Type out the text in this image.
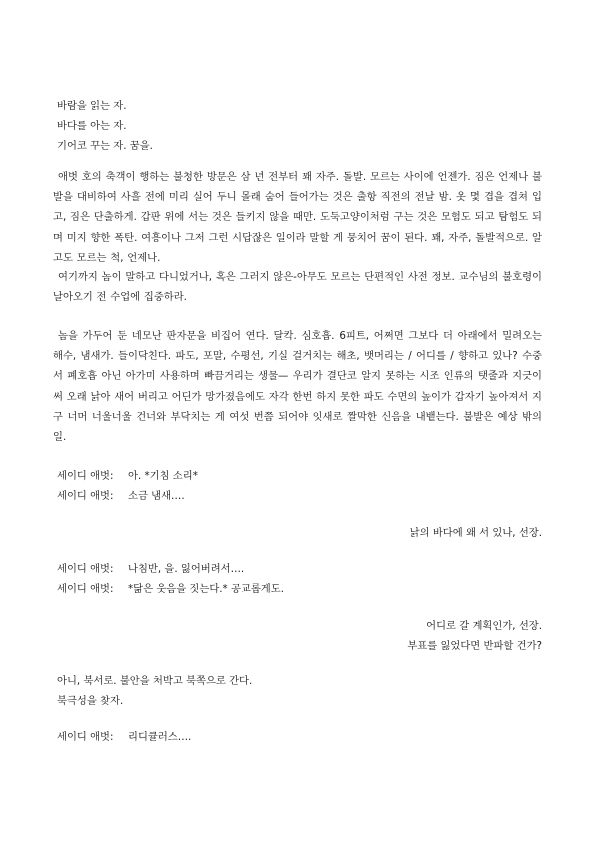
바람을 읽는 자.
바다를 아는 자.
기어코 꾸는 자. 꿈을.
애벗 호의 축객이 행하는 불청한 방문은 삼 년 전부터 꽤 자주. 돌발. 모르는 사이에 언젠가. 짐은 언제나 불발을 대비하여 사흘 전에 미리 실어 두니 몰래 숨어 들어가는 것은 출항 직전의 전날 밤. 옷 몇 겹을 겹쳐 입고, 짐은 단출하게. 갑판 위에 서는 것은 들키지 않을 때만. 도둑고양이처럼 구는 것은 모험도 되고 탐험도 되며 미지 향한 폭탄. 여흥이나 그저 그런 시답잖은 일이라 말할 게 뭉치어 꿈이 된다. 꽤, 자주, 돌발적으로. 알고도 모르는 척, 언제나.
여기까지 놈이 말하고 다니었거나, 혹은 그러지 않은-아무도 모르는 단편적인 사전 정보. 교수님의 불호령이 날아오기 전 수업에 집중하라.
놈을 가두어 둔 네모난 판자문을 비집어 연다. 달칵. 심호흡. 6피트, 어쩌면 그보다 더 아래에서 밀려오는 해수, 냄새가. 들이닥친다. 파도, 포말, 수평선, 기실 걸거치는 해초, 뱃머리는 / 어디를 / 향하고 있나? 수중서 폐호흡 아닌 아가미 사용하며 빠끔거리는 생물— 우리가 결단코 알지 못하는 시조 인류의 탯줄과 지긋이 써 오래 낡아 새어 버리고 어딘가 망가졌음에도 자각 한번 하지 못한 파도 수면의 높이가 갑자기 높아져서 지구 너머 너울너울 건너와 부닥치는 게 여섯 번쯤 되어야 잇새로 짤막한 신음을 내뱉는다. 불발은 예상 밖의 일.
세이디 애벗:	아. *기침 소리*
세이디 애벗:	소금 냄새….
낡의 바다에 왜 서 있나, 선장.
세이디 애벗:	나침반, 을. 잃어버려서….
세이디 애벗:	*닮은 웃음을 짓는다.* 공교롭게도.
어디로 갈 계획인가, 선장.
부표를 잃었다면 반파할 건가?
아니, 북서로. 불안을 처박고 북쪽으로 간다.
북극성을 찾자.
세이디 애벗:	리디큘러스….
